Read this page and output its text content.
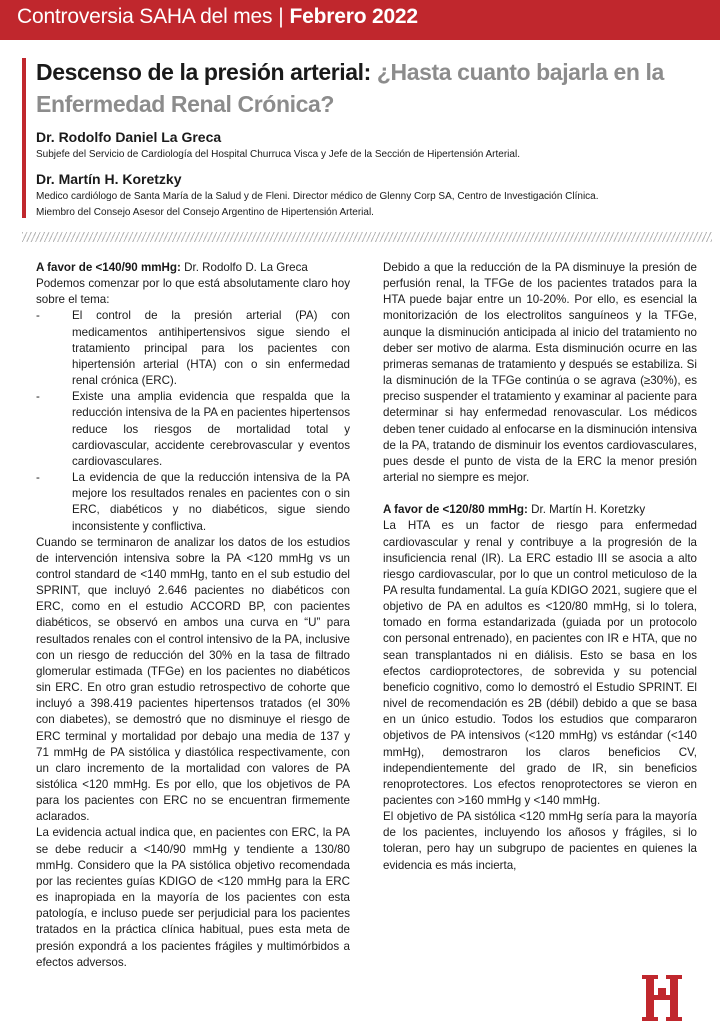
Controversia SAHA del mes | Febrero 2022
Descenso de la presión arterial: ¿Hasta cuanto bajarla en la Enfermedad Renal Crónica?
Dr. Rodolfo Daniel La Greca
Subjefe del Servicio de Cardiología del Hospital Churruca Visca y Jefe de la Sección de Hipertensión Arterial.
Dr. Martín H. Koretzky
Medico cardiólogo de Santa María de la Salud y de Fleni. Director médico de Glenny Corp SA, Centro de Investigación Clínica.
Miembro del Consejo Asesor del Consejo Argentino de Hipertensión Arterial.

A favor de <140/90 mmHg: Dr. Rodolfo D. La Greca

Podemos comenzar por lo que está absolutamente claro hoy sobre el tema:

-	El control de la presión arterial (PA) con medicamentos antihipertensivos sigue siendo el tratamiento principal para los pacientes con hipertensión arterial (HTA) con o sin enfermedad renal crónica (ERC).
-	Existe una amplia evidencia que respalda que la reducción intensiva de la PA en pacientes hipertensos reduce los riesgos de mortalidad total y cardiovascular, accidente cerebrovascular y eventos cardiovasculares.
-	La evidencia de que la reducción intensiva de la PA mejore los resultados renales en pacientes con o sin ERC, diabéticos y no diabéticos, sigue siendo inconsistente y conflictiva.

Cuando se terminaron de analizar los datos de los estudios de intervención intensiva sobre la PA <120 mmHg vs un control standard de <140 mmHg, tanto en el sub estudio del SPRINT, que incluyó 2.646 pacientes no diabéticos con ERC, como en el estudio ACCORD BP, con pacientes diabéticos, se observó en ambos una curva en “U” para resultados renales con el control intensivo de la PA, inclusive con un riesgo de reducción del 30% en la tasa de filtrado glomerular estimada (TFGe) en los pacientes no diabéticos sin ERC. En otro gran estudio retrospectivo de cohorte que incluyó a 398.419 pacientes hipertensos tratados (el 30% con diabetes), se demostró que no disminuye el riesgo de ERC terminal y mortalidad por debajo una media de 137 y 71 mmHg de PA sistólica y diastólica respectivamente, con un claro incremento de la mortalidad con valores de PA sistólica <120 mmHg. Es por ello, que los objetivos de PA para los pacientes con ERC no se encuentran firmemente aclarados.

La evidencia actual indica que, en pacientes con ERC, la PA se debe reducir a <140/90 mmHg y tendiente a 130/80 mmHg. Considero que la PA sistólica objetivo recomendada por las recientes guías KDIGO de <120 mmHg para la ERC es inapropiada en la mayoría de los pacientes con esta patología, e incluso puede ser perjudicial para los pacientes tratados en la práctica clínica habitual, pues esta meta de presión expondrá a los pacientes frágiles y multimórbidos a efectos adversos.

Debido a que la reducción de la PA disminuye la presión de perfusión renal, la TFGe de los pacientes tratados para la HTA puede bajar entre un 10-20%. Por ello, es esencial la monitorización de los electrolitos sanguíneos y la TFGe, aunque la disminución anticipada al inicio del tratamiento no deber ser motivo de alarma. Esta disminución ocurre en las primeras semanas de tratamiento y después se estabiliza. Si la disminución de la TFGe continúa o se agrava (≥30%), es preciso suspender el tratamiento y examinar al paciente para determinar si hay enfermedad renovascular. Los médicos deben tener cuidado al enfocarse en la disminución intensiva de la PA, tratando de disminuir los eventos cardiovasculares, pues desde el punto de vista de la ERC la menor presión arterial no siempre es mejor.

A favor de <120/80 mmHg: Dr. Martín H. Koretzky

La HTA es un factor de riesgo para enfermedad cardiovascular y renal y contribuye a la progresión de la insuficiencia renal (IR). La ERC estadio III se asocia a alto riesgo cardiovascular, por lo que un control meticuloso de la PA resulta fundamental. La guía KDIGO 2021, sugiere que el objetivo de PA en adultos es <120/80 mmHg, si lo tolera, tomado en forma estandarizada (guiada por un protocolo con personal entrenado), en pacientes con IR e HTA, que no sean transplantados ni en diálisis. Esto se basa en los efectos cardioprotectores, de sobrevida y su potencial beneficio cognitivo, como lo demostró el Estudio SPRINT. El nivel de recomendación es 2B (débil) debido a que se basa en un único estudio. Todos los estudios que compararon objetivos de PA intensivos (<120 mmHg) vs estándar (<140 mmHg), demostraron los claros beneficios CV, independientemente del grado de IR, sin beneficios renoprotectores. Los efectos renoprotectores se vieron en pacientes con >160 mmHg y <140 mmHg.

El objetivo de PA sistólica <120 mmHg sería para la mayoría de los pacientes, incluyendo los añosos y frágiles, si lo toleran, pero hay un subgrupo de pacientes en quienes la evidencia es más incierta,
